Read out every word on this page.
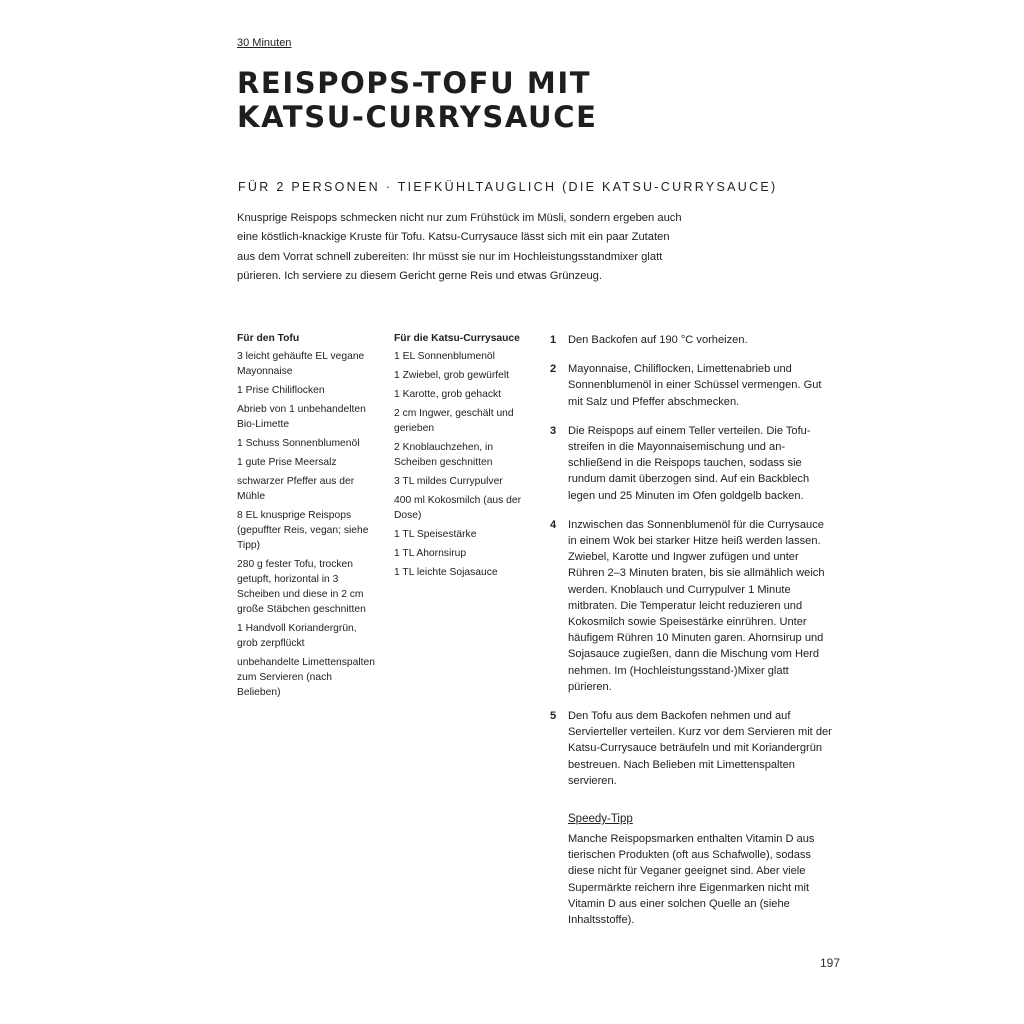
30 Minuten
REISPOPS-TOFU MIT
KATSU-CURRYSAUCE
FÜR 2 PERSONEN · TIEFKÜHLTAUGLICH (DIE KATSU-CURRYSAUCE)

Knusprige Reispops schmecken nicht nur zum Frühstück im Müsli, sondern ergeben auch eine köstlich-knackige Kruste für Tofu. Katsu-Currysauce lässt sich mit ein paar Zutaten aus dem Vorrat schnell zubereiten: Ihr müsst sie nur im Hochleistungsstandmixer glatt pürieren. Ich serviere zu diesem Gericht gerne Reis und etwas Grünzeug.

Für den Tofu
3 leicht gehäufte EL vegane Mayonnaise
1 Prise Chiliflocken
Abrieb von 1 unbehandelten Bio-Limette
1 Schuss Sonnenblumenöl
1 gute Prise Meersalz
schwarzer Pfeffer aus der Mühle
8 EL knusprige Reispops (gepuffter Reis, vegan; siehe Tipp)
280 g fester Tofu, trocken getupft, horizontal in 3 Scheiben und diese in 2 cm große Stäbchen geschnitten
1 Handvoll Koriandergrün, grob zerpflückt
unbehandelte Limettenspalten zum Servieren (nach Belieben)
Für die Katsu-Currysauce
1 EL Sonnenblumenöl
1 Zwiebel, grob gewürfelt
1 Karotte, grob gehackt
2 cm Ingwer, geschält und gerieben
2 Knoblauchzehen, in Scheiben geschnitten
3 TL mildes Currypulver
400 ml Kokosmilch (aus der Dose)
1 TL Speisestärke
1 TL Ahornsirup
1 TL leichte Sojasauce
1 Den Backofen auf 190 °C vorheizen.
2 Mayonnaise, Chiliflocken, Limettenabrieb und Sonnenblumenöl in einer Schüssel vermengen. Gut mit Salz und Pfeffer abschmecken.
3 Die Reispops auf einem Teller verteilen. Die Tofustreifen in die Mayonnaisemischung und anschließend in die Reispops tauchen, sodass sie rundum damit überzogen sind. Auf ein Backblech legen und 25 Minuten im Ofen goldgelb backen.
4 Inzwischen das Sonnenblumenöl für die Currysauce in einem Wok bei starker Hitze heiß werden lassen. Zwiebel, Karotte und Ingwer zufügen und unter Rühren 2–3 Minuten braten, bis sie allmählich weich werden. Knoblauch und Currypulver 1 Minute mitbraten. Die Temperatur leicht reduzieren und Kokosmilch sowie Speisestärke einrühren. Unter häufigem Rühren 10 Minuten garen. Ahornsirup und Sojasauce zugießen, dann die Mischung vom Herd nehmen. Im (Hochleistungsstand-)Mixer glatt pürieren.
5 Den Tofu aus dem Backofen nehmen und auf Servierteller verteilen. Kurz vor dem Servieren mit der Katsu-Currysauce beträufeln und mit Koriandergrün bestreuen. Nach Belieben mit Limettenspalten servieren.
Speedy-Tipp

Manche Reispopsmarken enthalten Vitamin D aus tierischen Produkten (oft aus Schafwolle), sodass diese nicht für Veganer geeignet sind. Aber viele Supermärkte reichern ihre Eigenmarken nicht mit Vitamin D aus einer solchen Quelle an (siehe Inhaltsstoffe).

197
